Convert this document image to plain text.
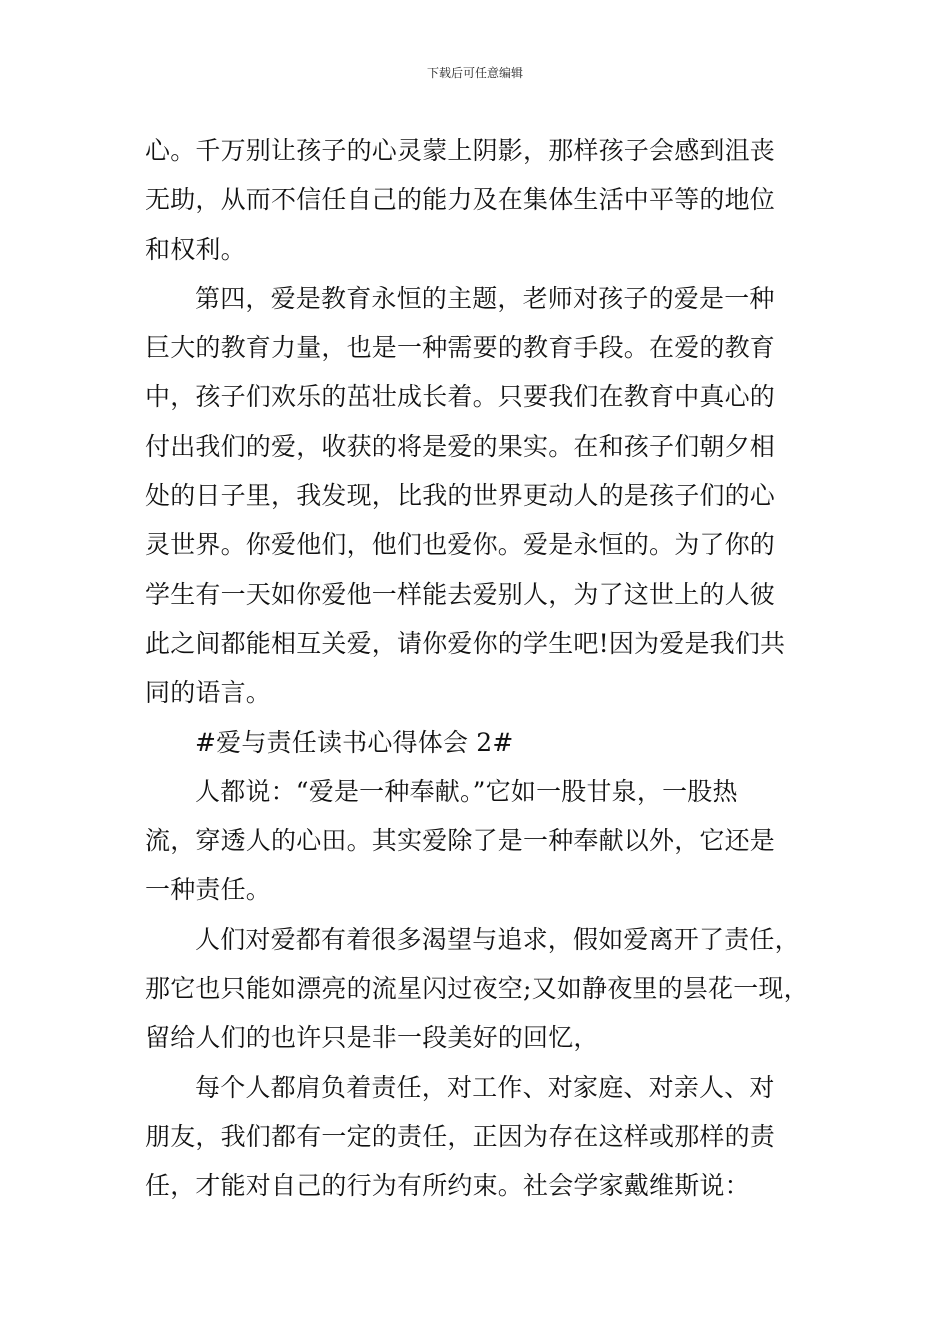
下载后可任意编辑
心。千万别让孩子的心灵蒙上阴影，那样孩子会感到沮丧
无助，从而不信任自己的能力及在集体生活中平等的地位
和权利。
第四，爱是教育永恒的主题，老师对孩子的爱是一种
巨大的教育力量，也是一种需要的教育手段。在爱的教育
中，孩子们欢乐的茁壮成长着。只要我们在教育中真心的
付出我们的爱，收获的将是爱的果实。在和孩子们朝夕相
处的日子里，我发现，比我的世界更动人的是孩子们的心
灵世界。你爱他们，他们也爱你。爱是永恒的。为了你的
学生有一天如你爱他一样能去爱别人，为了这世上的人彼
此之间都能相互关爱，请你爱你的学生吧!因为爱是我们共
同的语言。
#爱与责任读书心得体会 2#
人都说：“爱是一种奉献。”它如一股甘泉，一股热
流，穿透人的心田。其实爱除了是一种奉献以外，它还是
一种责任。
人们对爱都有着很多渴望与追求，假如爱离开了责任，
那它也只能如漂亮的流星闪过夜空;又如静夜里的昙花一现，
留给人们的也许只是非一段美好的回忆，
每个人都肩负着责任，对工作、对家庭、对亲人、对
朋友，我们都有一定的责任，正因为存在这样或那样的责
任，才能对自己的行为有所约束。社会学家戴维斯说：
